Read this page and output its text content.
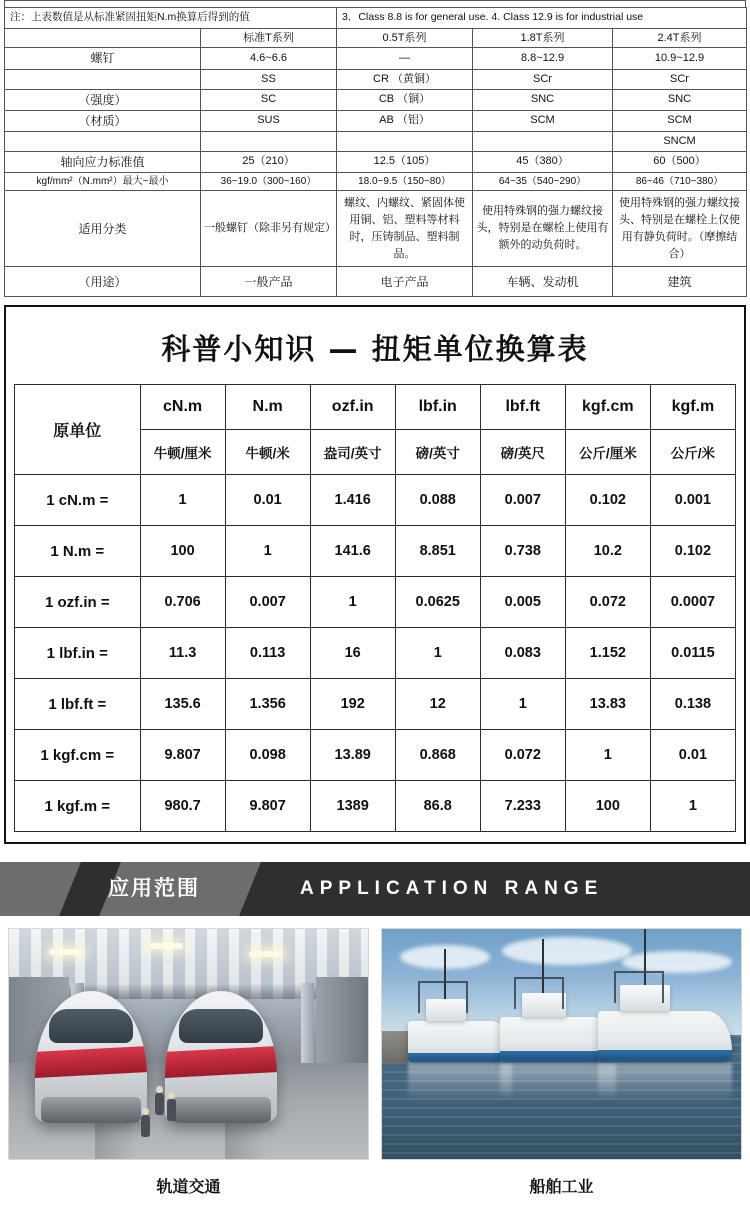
注：上表数值是从标准紧固扭矩N.m换算后得到的值		3．Class 8.8 is for general use. 4. Class 12.9 is for industrial use		
	标准T系列	0.5T系列	1.8T系列	2.4T系列
螺钉	4.6~6.6	—	8.8~12.9	10.9~12.9
	SS	CR （黄铜）	SCr	SCr
（强度）	SC	CB （铜）	SNC	SNC
（材质）	SUS	AB （铝）	SCM	SCM
				SNCM
轴向应力标准值	25（210）	12.5（105）	45（380）	60（500）
kgf/mm²（N.mm²）最大~最小	36~19.0（300~160）	18.0~9.5（150~80）	64~35（540~290）	86~46（710~380）
适用分类	一般螺钉（除非另有规定）	螺纹、内螺纹、紧固体使用铜、铝、塑料等材料时，压铸制品、塑料制品。	使用特殊钢的强力螺纹接头，特别是在螺栓上使用有额外的动负荷时。	使用特殊钢的强力螺纹接头、特别是在螺栓上仅使用有静负荷时。（摩擦结合）
（用途）	一般产品	电子产品	车辆、发动机	建筑
科普小知识 — 扭矩单位换算表
原单位	cN.m	N.m	ozf.in	lbf.in	lbf.ft	kgf.cm	kgf.m
	牛顿/厘米	牛顿/米	盎司/英寸	磅/英寸	磅/英尺	公斤/厘米	公斤/米
1 cN.m =	1	0.01	1.416	0.088	0.007	0.102	0.001
1 N.m =	100	1	141.6	8.851	0.738	10.2	0.102
1 ozf.in =	0.706	0.007	1	0.0625	0.005	0.072	0.0007
1 lbf.in =	11.3	0.113	16	1	0.083	1.152	0.0115
1 lbf.ft =	135.6	1.356	192	12	1	13.83	0.138
1 kgf.cm =	9.807	0.098	13.89	0.868	0.072	1	0.01
1 kgf.m =	980.7	9.807	1389	86.8	7.233	100	1
应用范围	APPLICATION RANGE
轨道交通	船舶工业
